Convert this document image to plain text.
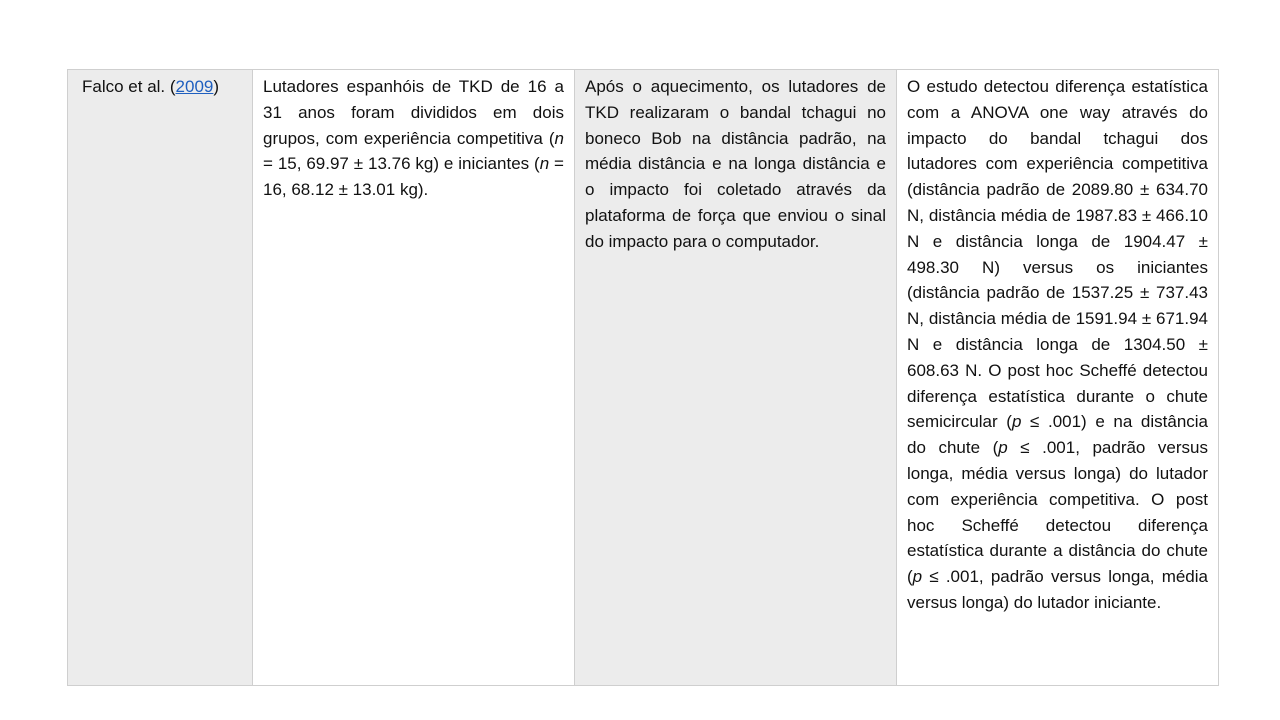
Falco et al. (2009)	Lutadores espanhóis de TKD de 16 a 31 anos foram divididos em dois grupos, com experiência competitiva (n = 15, 69.97 ± 13.76 kg) e iniciantes (n = 16, 68.12 ± 13.01 kg).	Após o aquecimento, os lutadores de TKD realizaram o bandal tchagui no boneco Bob na distância padrão, na média distância e na longa distância e o impacto foi coletado através da plataforma de força que enviou o sinal do impacto para o computador.	O estudo detectou diferença estatística com a ANOVA one way através do impacto do bandal tchagui dos lutadores com experiência competitiva (distância padrão de 2089.80 ± 634.70 N, distância média de 1987.83 ± 466.10 N e distância longa de 1904.47 ± 498.30 N) versus os iniciantes (distância padrão de 1537.25 ± 737.43 N, distância média de 1591.94 ± 671.94 N e distância longa de 1304.50 ± 608.63 N. O post hoc Scheffé detectou diferença estatística durante o chute semicircular (p ≤ .001) e na distância do chute (p ≤ .001, padrão versus longa, média versus longa) do lutador com experiência competitiva. O post hoc Scheffé detectou diferença estatística durante a distância do chute (p ≤ .001, padrão versus longa, média versus longa) do lutador iniciante.
